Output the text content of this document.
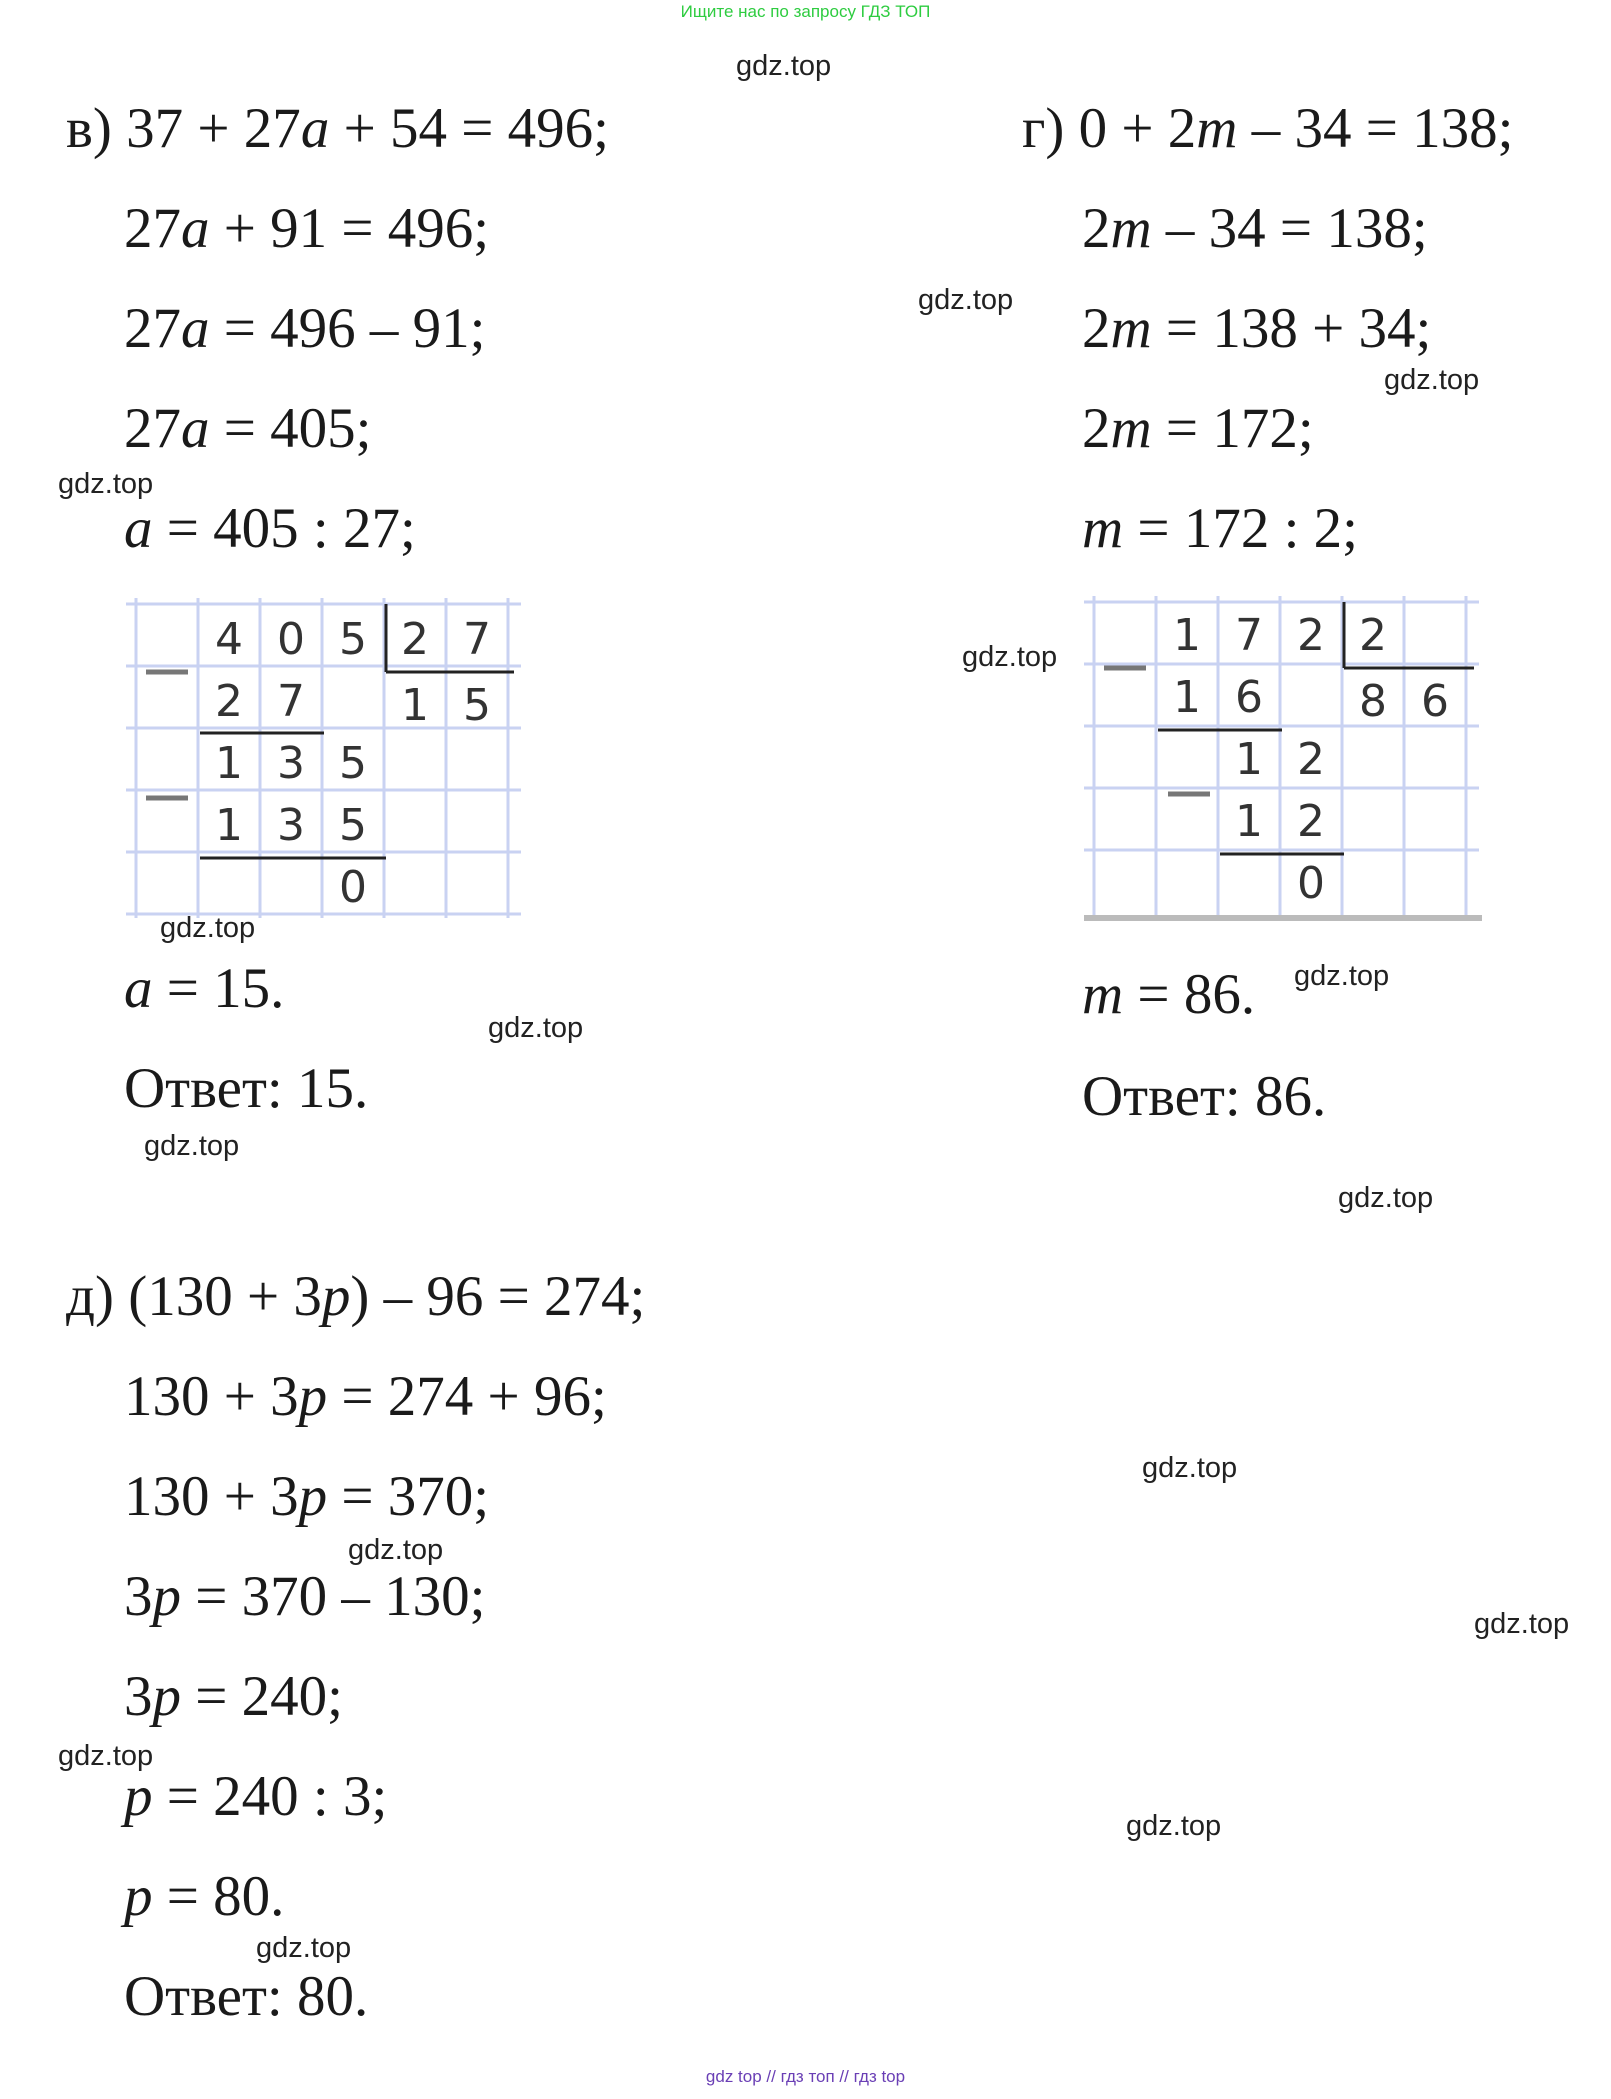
Ищите нас по запросу ГДЗ ТОП
в) 37 + 27a + 54 = 496;
27a + 91 = 496;
27a = 496 – 91;
27a = 405;
a = 405 : 27;
4 0 5 2 7
2 7 1 5
1 3 5
1 3 5
0
a = 15.
Ответ: 15.
г) 0 + 2m – 34 = 138;
2m – 34 = 138;
2m = 138 + 34;
2m = 172;
m = 172 : 2;
1 7 2 2
1 6 8 6
1 2
1 2
0
m = 86.
Ответ: 86.
д) (130 + 3p) – 96 = 274;
130 + 3p = 274 + 96;
130 + 3p = 370;
3p = 370 – 130;
3p = 240;
p = 240 : 3;
p = 80.
Ответ: 80.
gdz.top
gdz.top
gdz.top
gdz.top
gdz.top
gdz.top
gdz.top
gdz.top
gdz.top
gdz.top
gdz.top
gdz.top
gdz.top
gdz.top
gdz.top
gdz.top
gdz top // гдз топ // гдз top
